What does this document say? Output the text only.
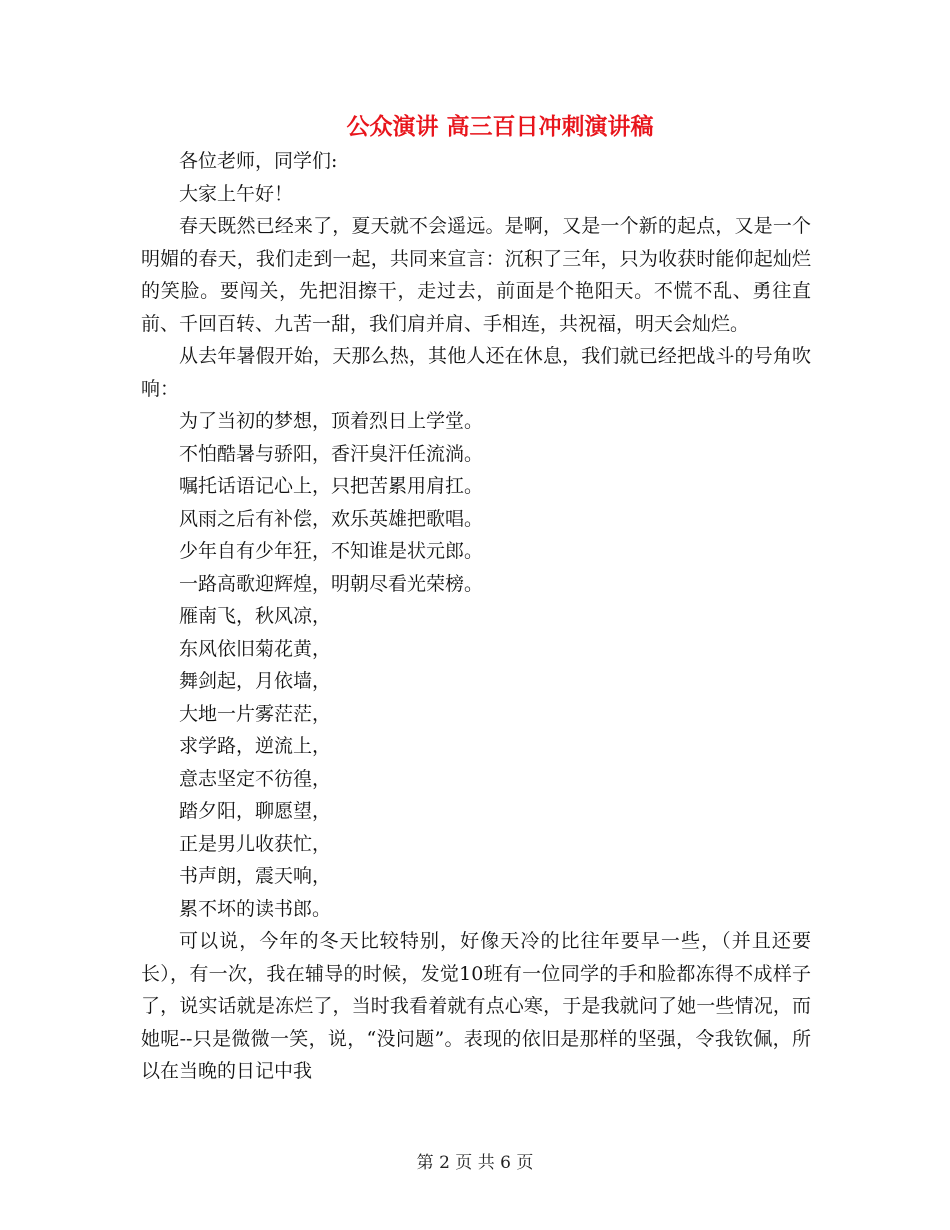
公众演讲 高三百日冲刺演讲稿

各位老师，同学们:

大家上午好！

春天既然已经来了，夏天就不会遥远。是啊，又是一个新的起点，又是一个明媚的春天，我们走到一起，共同来宣言：沉积了三年，只为收获时能仰起灿烂的笑脸。要闯关，先把泪擦干，走过去，前面是个艳阳天。不慌不乱、勇往直前、千回百转、九苦一甜，我们肩并肩、手相连，共祝福，明天会灿烂。

从去年暑假开始，天那么热，其他人还在休息，我们就已经把战斗的号角吹响：

为了当初的梦想，顶着烈日上学堂。

不怕酷暑与骄阳，香汗臭汗任流淌。

嘱托话语记心上，只把苦累用肩扛。

风雨之后有补偿，欢乐英雄把歌唱。

少年自有少年狂，不知谁是状元郎。

一路高歌迎辉煌，明朝尽看光荣榜。

雁南飞，秋风凉，

东风依旧菊花黄，

舞剑起，月依墙，

大地一片雾茫茫，

求学路，逆流上，

意志坚定不彷徨，

踏夕阳，聊愿望，

正是男儿收获忙，

书声朗，震天响，

累不坏的读书郎。

可以说，今年的冬天比较特别，好像天冷的比往年要早一些，（并且还要长），有一次，我在辅导的时候，发觉10班有一位同学的手和脸都冻得不成样子了，说实话就是冻烂了，当时我看着就有点心寒，于是我就问了她一些情况，而她呢--只是微微一笑，说，“没问题”。表现的依旧是那样的坚强，令我钦佩，所以在当晚的日记中我

第 2 页 共 6 页
